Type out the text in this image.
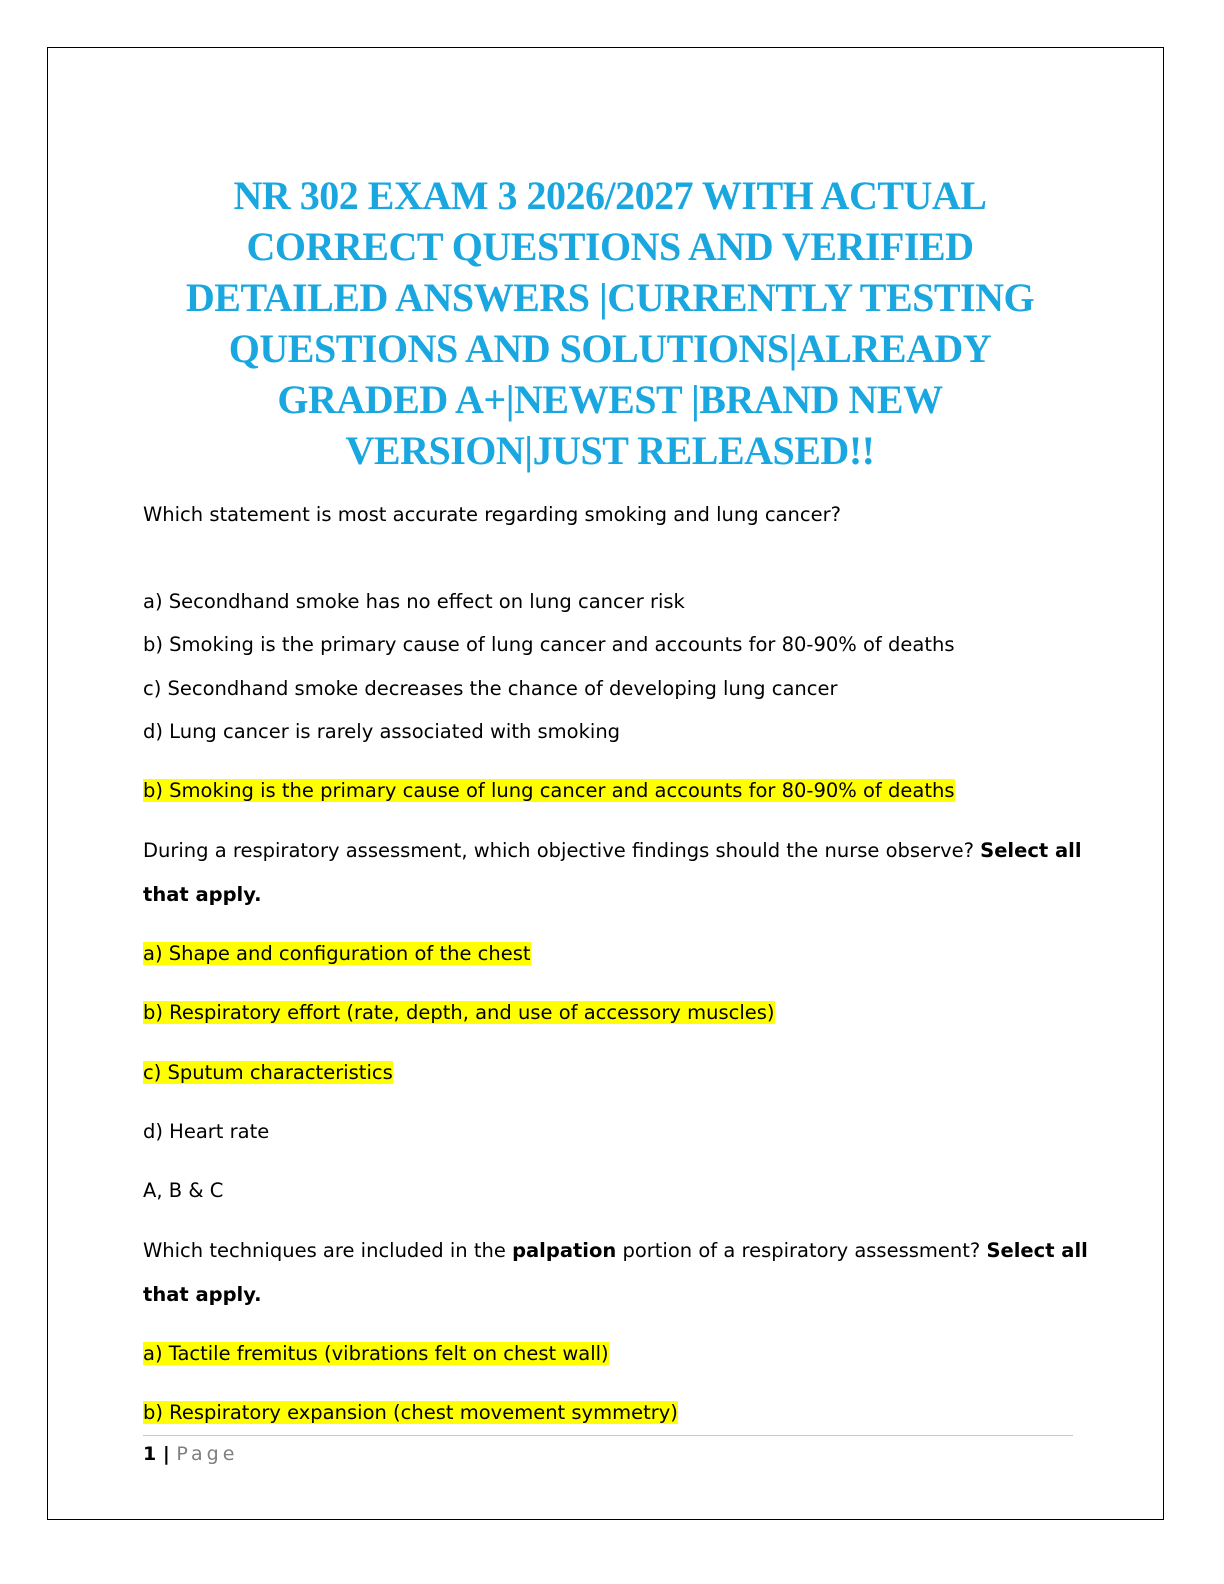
NR 302 EXAM 3 2026/2027 WITH ACTUAL
CORRECT QUESTIONS AND VERIFIED
DETAILED ANSWERS |CURRENTLY TESTING
QUESTIONS AND SOLUTIONS|ALREADY
GRADED A+|NEWEST |BRAND NEW
VERSION|JUST RELEASED!!
Which statement is most accurate regarding smoking and lung cancer?
a) Secondhand smoke has no effect on lung cancer risk
b) Smoking is the primary cause of lung cancer and accounts for 80-90% of deaths
c) Secondhand smoke decreases the chance of developing lung cancer
d) Lung cancer is rarely associated with smoking
b) Smoking is the primary cause of lung cancer and accounts for 80-90% of deaths
During a respiratory assessment, which objective findings should the nurse observe? Select all
that apply.
a) Shape and configuration of the chest
b) Respiratory effort (rate, depth, and use of accessory muscles)
c) Sputum characteristics
d) Heart rate
A, B & C
Which techniques are included in the palpation portion of a respiratory assessment? Select all
that apply.
a) Tactile fremitus (vibrations felt on chest wall)
b) Respiratory expansion (chest movement symmetry)
1 | Page
